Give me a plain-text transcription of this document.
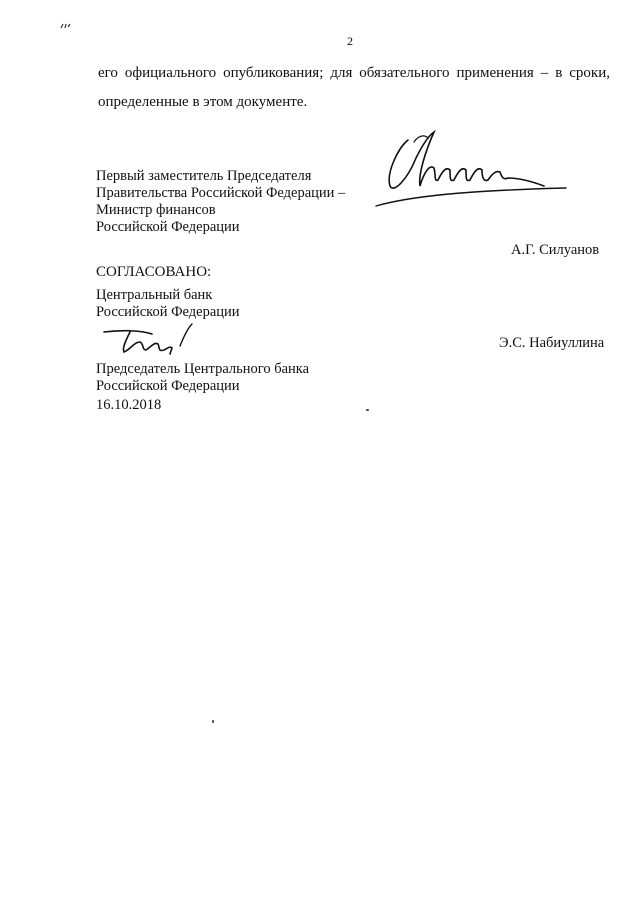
2
его официального опубликования; для обязательного применения – в сроки,
определенные в этом документе.
Первый заместитель Председателя
Правительства Российской Федерации –
Министр финансов
Российской Федерации
А.Г. Силуанов
СОГЛАСОВАНО:
Центральный банк
Российской Федерации
Э.С. Набиуллина
Председатель Центрального банка
Российской Федерации
16.10.2018
